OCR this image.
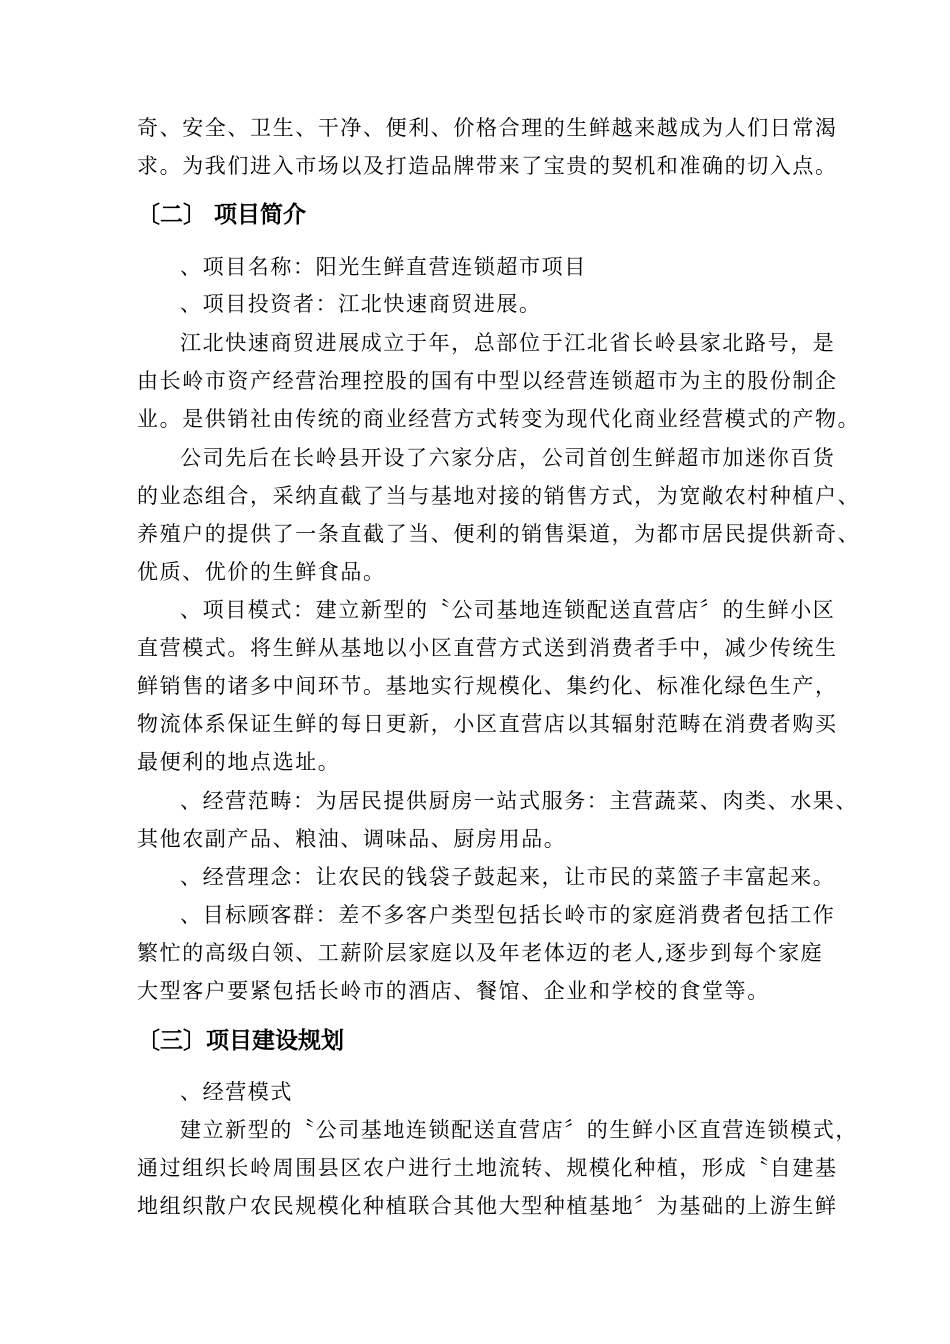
奇、安全、卫生、干净、便利、价格合理的生鲜越来越成为人们日常渴
求。为我们进入市场以及打造品牌带来了宝贵的契机和准确的切入点。
〔二〕 项目简介
、项目名称：阳光生鲜直营连锁超市项目
、项目投资者：江北快速商贸进展。
江北快速商贸进展成立于年，总部位于江北省长岭县家北路号，是
由长岭市资产经营治理控股的国有中型以经营连锁超市为主的股份制企
业。是供销社由传统的商业经营方式转变为现代化商业经营模式的产物。
公司先后在长岭县开设了六家分店，公司首创生鲜超市加迷你百货
的业态组合，采纳直截了当与基地对接的销售方式，为宽敞农村种植户、
养殖户的提供了一条直截了当、便利的销售渠道，为都市居民提供新奇、
优质、优价的生鲜食品。
、项目模式：建立新型的〝公司基地连锁配送直营店〞的生鲜小区
直营模式。将生鲜从基地以小区直营方式送到消费者手中，减少传统生
鲜销售的诸多中间环节。基地实行规模化、集约化、标准化绿色生产，
物流体系保证生鲜的每日更新，小区直营店以其辐射范畴在消费者购买
最便利的地点选址。
、经营范畴：为居民提供厨房一站式服务：主营蔬菜、肉类、水果、
其他农副产品、粮油、调味品、厨房用品。
、经营理念：让农民的钱袋子鼓起来，让市民的菜篮子丰富起来。
、目标顾客群：差不多客户类型包括长岭市的家庭消费者包括工作
繁忙的高级白领、工薪阶层家庭以及年老体迈的老人,逐步到每个家庭
大型客户要紧包括长岭市的酒店、餐馆、企业和学校的食堂等。
〔三〕项目建设规划
、经营模式
建立新型的〝公司基地连锁配送直营店〞的生鲜小区直营连锁模式，
通过组织长岭周围县区农户进行土地流转、规模化种植，形成〝自建基
地组织散户农民规模化种植联合其他大型种植基地〞为基础的上游生鲜
